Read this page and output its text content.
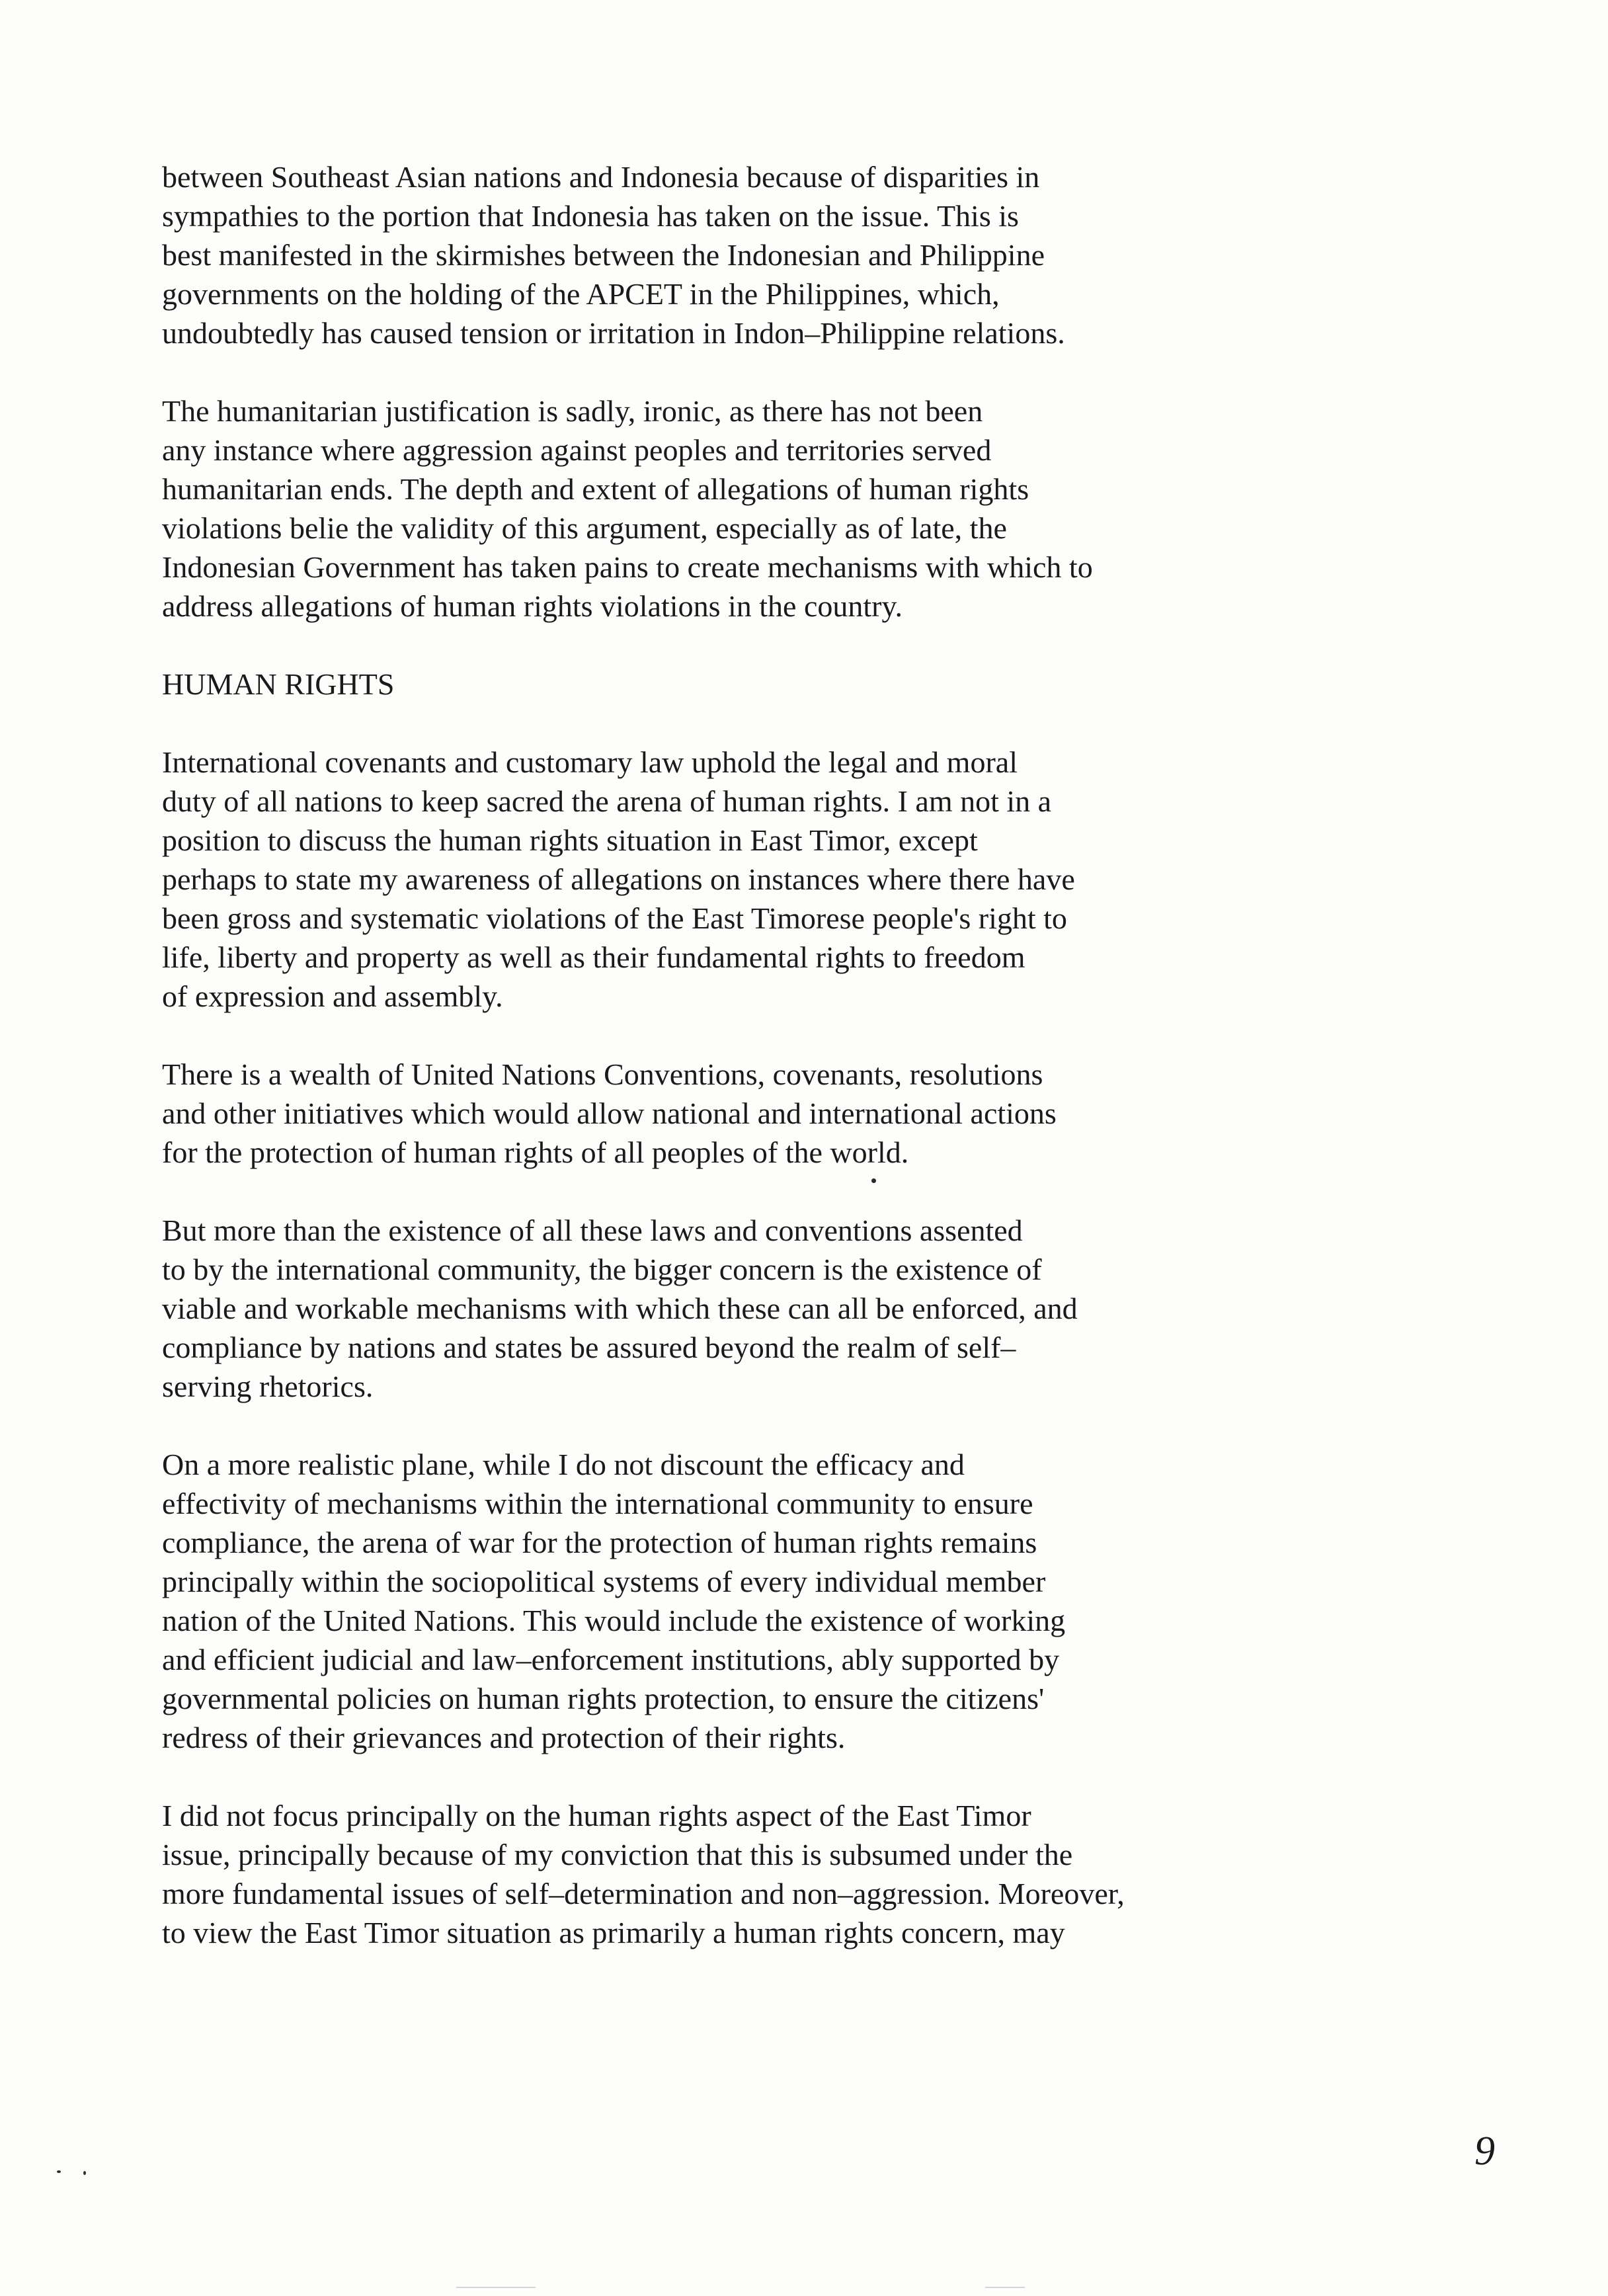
between Southeast Asian nations and Indonesia because of disparities in
sympathies to the portion that Indonesia has taken on the issue. This is
best manifested in the skirmishes between the Indonesian and Philippine
governments on the holding of the APCET in the Philippines, which,
undoubtedly has caused tension or irritation in Indon–Philippine relations.
The humanitarian justification is sadly, ironic, as there has not been
any instance where aggression against peoples and territories served
humanitarian ends. The depth and extent of allegations of human rights
violations belie the validity of this argument, especially as of late, the
Indonesian Government has taken pains to create mechanisms with which to
address allegations of human rights violations in the country.
HUMAN RIGHTS
International covenants and customary law uphold the legal and moral
duty of all nations to keep sacred the arena of human rights. I am not in a
position to discuss the human rights situation in East Timor, except
perhaps to state my awareness of allegations on instances where there have
been gross and systematic violations of the East Timorese people's right to
life, liberty and property as well as their fundamental rights to freedom
of expression and assembly.
There is a wealth of United Nations Conventions, covenants, resolutions
and other initiatives which would allow national and international actions
for the protection of human rights of all peoples of the world.
But more than the existence of all these laws and conventions assented
to by the international community, the bigger concern is the existence of
viable and workable mechanisms with which these can all be enforced, and
compliance by nations and states be assured beyond the realm of self–
serving rhetorics.
On a more realistic plane, while I do not discount the efficacy and
effectivity of mechanisms within the international community to ensure
compliance, the arena of war for the protection of human rights remains
principally within the sociopolitical systems of every individual member
nation of the United Nations. This would include the existence of working
and efficient judicial and law–enforcement institutions, ably supported by
governmental policies on human rights protection, to ensure the citizens'
redress of their grievances and protection of their rights.
I did not focus principally on the human rights aspect of the East Timor
issue, principally because of my conviction that this is subsumed under the
more fundamental issues of self–determination and non–aggression. Moreover,
to view the East Timor situation as primarily a human rights concern, may
9
